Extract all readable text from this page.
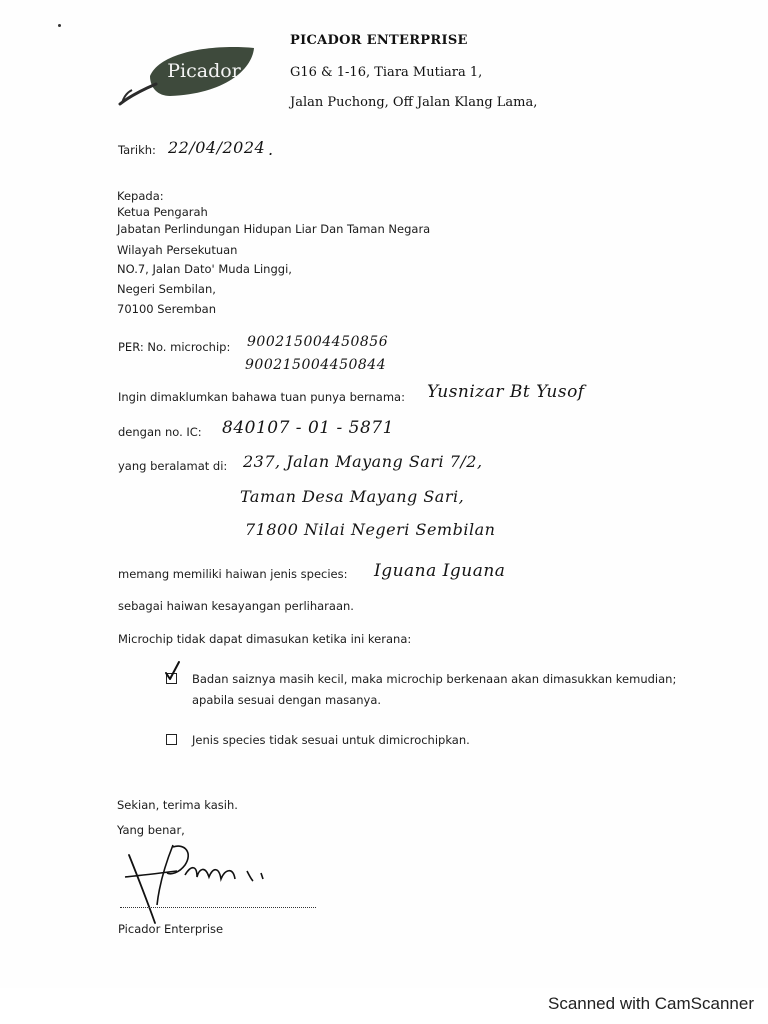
Picador
PICADOR ENTERPRISE
G16 & 1-16, Tiara Mutiara 1,
Jalan Puchong, Off Jalan Klang Lama,
Tarikh: 22/04/2024 .
Kepada:
Ketua Pengarah
Jabatan Perlindungan Hidupan Liar Dan Taman Negara
Wilayah Persekutuan
NO.7, Jalan Dato' Muda Linggi,
Negeri Sembilan,
70100 Seremban
PER: No. microchip: 900215004450856
900215004450844
Ingin dimaklumkan bahawa tuan punya bernama: Yusnizar Bt Yusof
dengan no. IC: 840107 - 01 - 5871
yang beralamat di: 237, Jalan Mayang Sari 7/2,
Taman Desa Mayang Sari,
71800 Nilai Negeri Sembilan
memang memiliki haiwan jenis species: Iguana Iguana
sebagai haiwan kesayangan perliharaan.
Microchip tidak dapat dimasukan ketika ini kerana:
Badan saiznya masih kecil, maka microchip berkenaan akan dimasukkan kemudian;
apabila sesuai dengan masanya.
Jenis species tidak sesuai untuk dimicrochipkan.
Sekian, terima kasih.
Yang benar,
Picador Enterprise
Scanned with CamScanner
